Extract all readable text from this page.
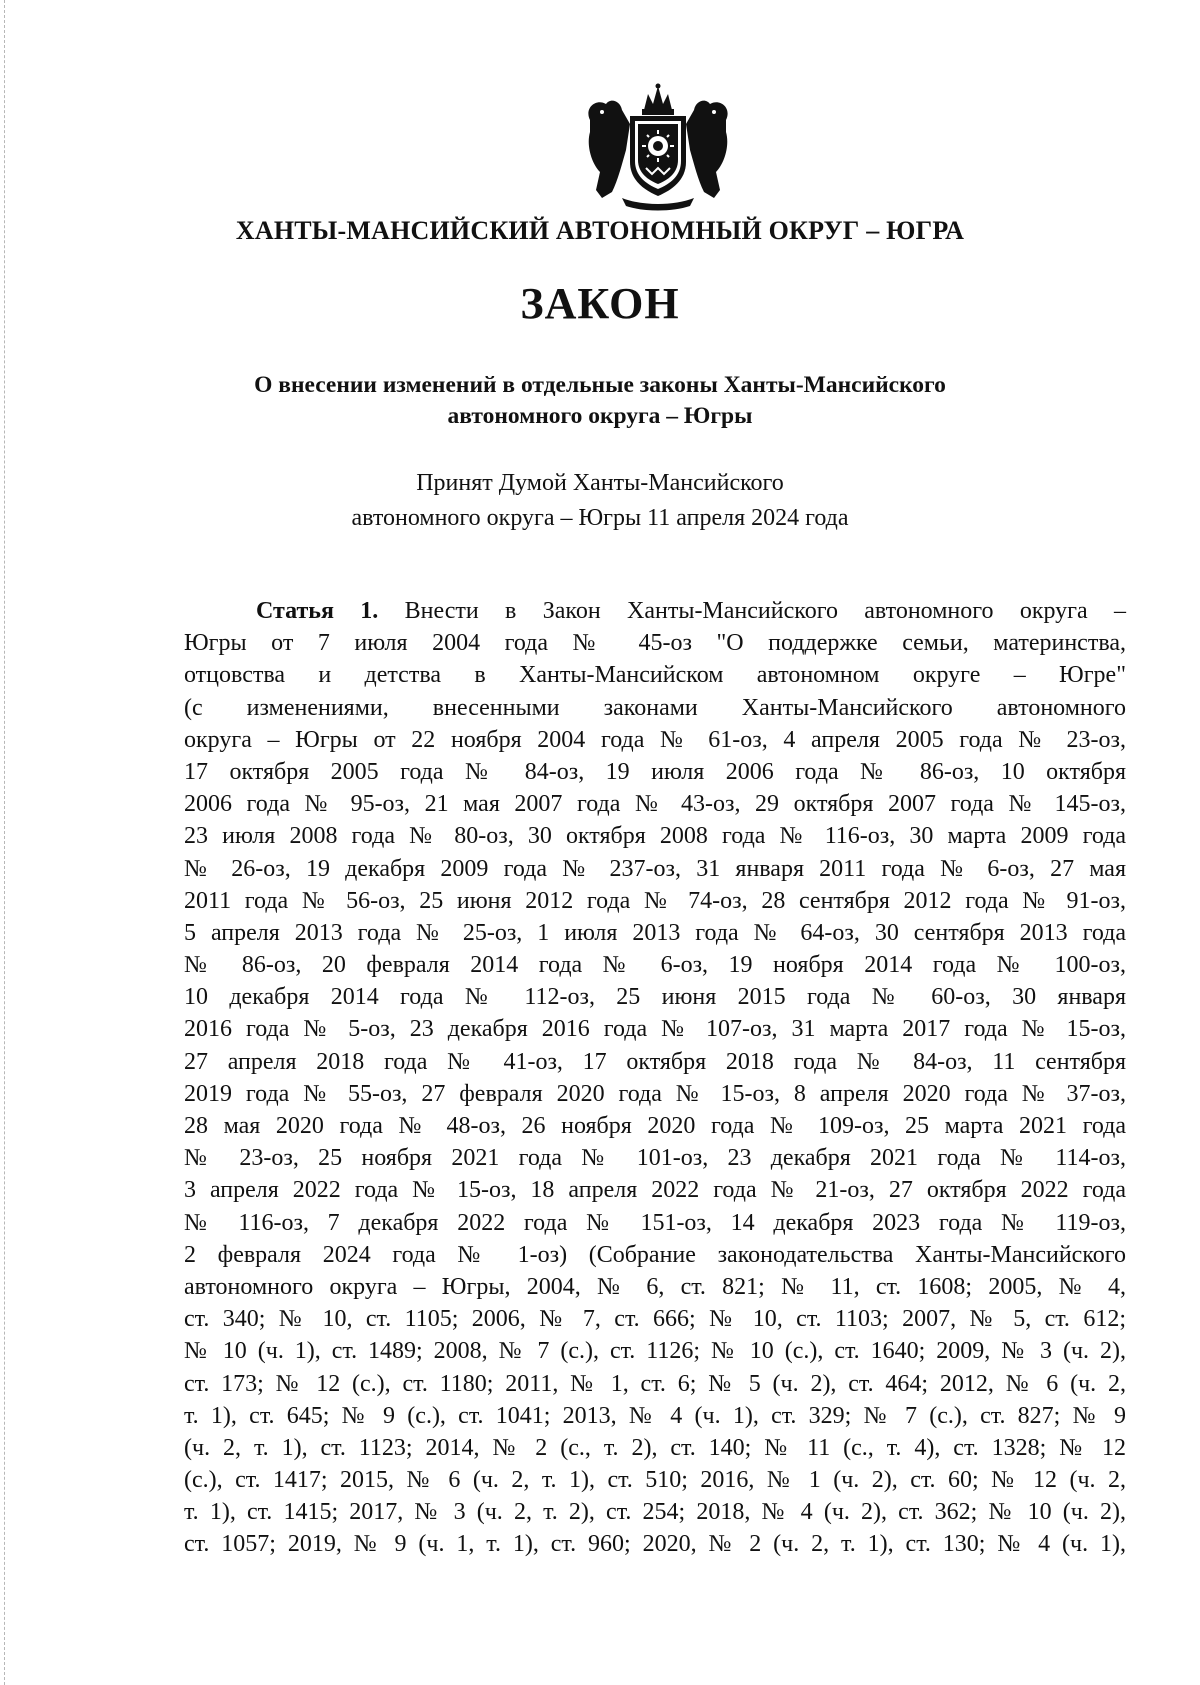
ХАНТЫ-МАНСИЙСКИЙ АВТОНОМНЫЙ ОКРУГ – ЮГРА
ЗАКОН
О внесении изменений в отдельные законы Ханты-Мансийского
автономного округа – Югры
Принят Думой Ханты-Мансийского
автономного округа – Югры 11 апреля 2024 года
Статья 1. Внести в Закон Ханты-Мансийского автономного округа –
Югры от 7 июля 2004 года № 45-оз "О поддержке семьи, материнства,
отцовства и детства в Ханты-Мансийском автономном округе – Югре"
(с изменениями, внесенными законами Ханты-Мансийского автономного
округа – Югры от 22 ноября 2004 года № 61-оз, 4 апреля 2005 года № 23-оз,
17 октября 2005 года № 84-оз, 19 июля 2006 года № 86-оз, 10 октября
2006 года № 95-оз, 21 мая 2007 года № 43-оз, 29 октября 2007 года № 145-оз,
23 июля 2008 года № 80-оз, 30 октября 2008 года № 116-оз, 30 марта 2009 года
№ 26-оз, 19 декабря 2009 года № 237-оз, 31 января 2011 года № 6-оз, 27 мая
2011 года № 56-оз, 25 июня 2012 года № 74-оз, 28 сентября 2012 года № 91-оз,
5 апреля 2013 года № 25-оз, 1 июля 2013 года № 64-оз, 30 сентября 2013 года
№ 86-оз, 20 февраля 2014 года № 6-оз, 19 ноября 2014 года № 100-оз,
10 декабря 2014 года № 112-оз, 25 июня 2015 года № 60-оз, 30 января
2016 года № 5-оз, 23 декабря 2016 года № 107-оз, 31 марта 2017 года № 15-оз,
27 апреля 2018 года № 41-оз, 17 октября 2018 года № 84-оз, 11 сентября
2019 года № 55-оз, 27 февраля 2020 года № 15-оз, 8 апреля 2020 года № 37-оз,
28 мая 2020 года № 48-оз, 26 ноября 2020 года № 109-оз, 25 марта 2021 года
№ 23-оз, 25 ноября 2021 года № 101-оз, 23 декабря 2021 года № 114-оз,
3 апреля 2022 года № 15-оз, 18 апреля 2022 года № 21-оз, 27 октября 2022 года
№ 116-оз, 7 декабря 2022 года № 151-оз, 14 декабря 2023 года № 119-оз,
2 февраля 2024 года № 1-оз) (Собрание законодательства Ханты-Мансийского
автономного округа – Югры, 2004, № 6, ст. 821; № 11, ст. 1608; 2005, № 4,
ст. 340; № 10, ст. 1105; 2006, № 7, ст. 666; № 10, ст. 1103; 2007, № 5, ст. 612;
№ 10 (ч. 1), ст. 1489; 2008, № 7 (с.), ст. 1126; № 10 (с.), ст. 1640; 2009, № 3 (ч. 2),
ст. 173; № 12 (с.), ст. 1180; 2011, № 1, ст. 6; № 5 (ч. 2), ст. 464; 2012, № 6 (ч. 2,
т. 1), ст. 645; № 9 (с.), ст. 1041; 2013, № 4 (ч. 1), ст. 329; № 7 (с.), ст. 827; № 9
(ч. 2, т. 1), ст. 1123; 2014, № 2 (с., т. 2), ст. 140; № 11 (с., т. 4), ст. 1328; № 12
(с.), ст. 1417; 2015, № 6 (ч. 2, т. 1), ст. 510; 2016, № 1 (ч. 2), ст. 60; № 12 (ч. 2,
т. 1), ст. 1415; 2017, № 3 (ч. 2, т. 2), ст. 254; 2018, № 4 (ч. 2), ст. 362; № 10 (ч. 2),
ст. 1057; 2019, № 9 (ч. 1, т. 1), ст. 960; 2020, № 2 (ч. 2, т. 1), ст. 130; № 4 (ч. 1),
